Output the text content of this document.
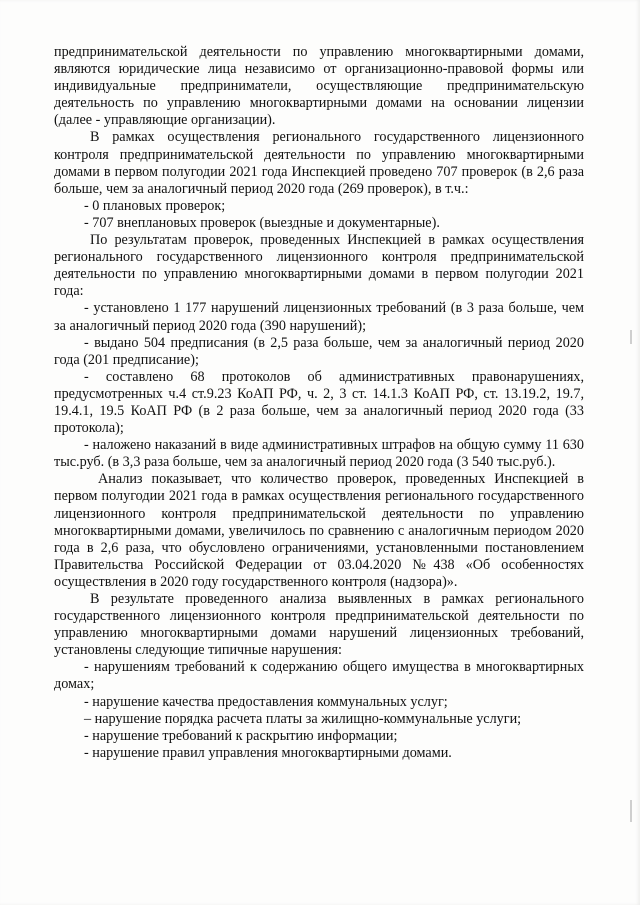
предпринимательской деятельности по управлению многоквартирными домами, являются юридические лица независимо от организационно-правовой формы или индивидуальные предприниматели, осуществляющие предпринимательскую деятельность по управлению многоквартирными домами на основании лицензии (далее - управляющие организации).

В рамках осуществления регионального государственного лицензионного контроля предпринимательской деятельности по управлению многоквартирными домами в первом полугодии 2021 года Инспекцией проведено 707 проверок (в 2,6 раза больше, чем за аналогичный период 2020 года (269 проверок), в т.ч.:

- 0 плановых проверок;

- 707 внеплановых проверок (выездные и документарные).

По результатам проверок, проведенных Инспекцией в рамках осуществления регионального государственного лицензионного контроля предпринимательской деятельности по управлению многоквартирными домами в первом полугодии 2021 года:

- установлено 1 177 нарушений лицензионных требований (в 3 раза больше, чем за аналогичный период 2020 года (390 нарушений);

- выдано 504 предписания (в 2,5 раза больше, чем за аналогичный период 2020 года (201 предписание);

- составлено 68 протоколов об административных правонарушениях, предусмотренных ч.4 ст.9.23 КоАП РФ, ч. 2, 3 ст. 14.1.3 КоАП РФ, ст. 13.19.2, 19.7, 19.4.1, 19.5 КоАП РФ (в 2 раза больше, чем за аналогичный период 2020 года (33 протокола);

- наложено наказаний в виде административных штрафов на общую сумму 11 630 тыс.руб. (в 3,3 раза больше, чем за аналогичный период 2020 года (3 540 тыс.руб.).

Анализ показывает, что количество проверок, проведенных Инспекцией в первом полугодии 2021 года в рамках осуществления регионального государственного лицензионного контроля предпринимательской деятельности по управлению многоквартирными домами, увеличилось по сравнению с аналогичным периодом 2020 года в 2,6 раза, что обусловлено ограничениями, установленными постановлением Правительства Российской Федерации от 03.04.2020 №438 «Об особенностях осуществления в 2020 году государственного контроля (надзора)».

В результате проведенного анализа выявленных в рамках регионального государственного лицензионного контроля предпринимательской деятельности по управлению многоквартирными домами нарушений лицензионных требований, установлены следующие типичные нарушения:

- нарушениям требований к содержанию общего имущества в многоквартирных домах;

- нарушение качества предоставления коммунальных услуг;

– нарушение порядка расчета платы за жилищно-коммунальные услуги;

- нарушение требований к раскрытию информации;

- нарушение правил управления многоквартирными домами.
